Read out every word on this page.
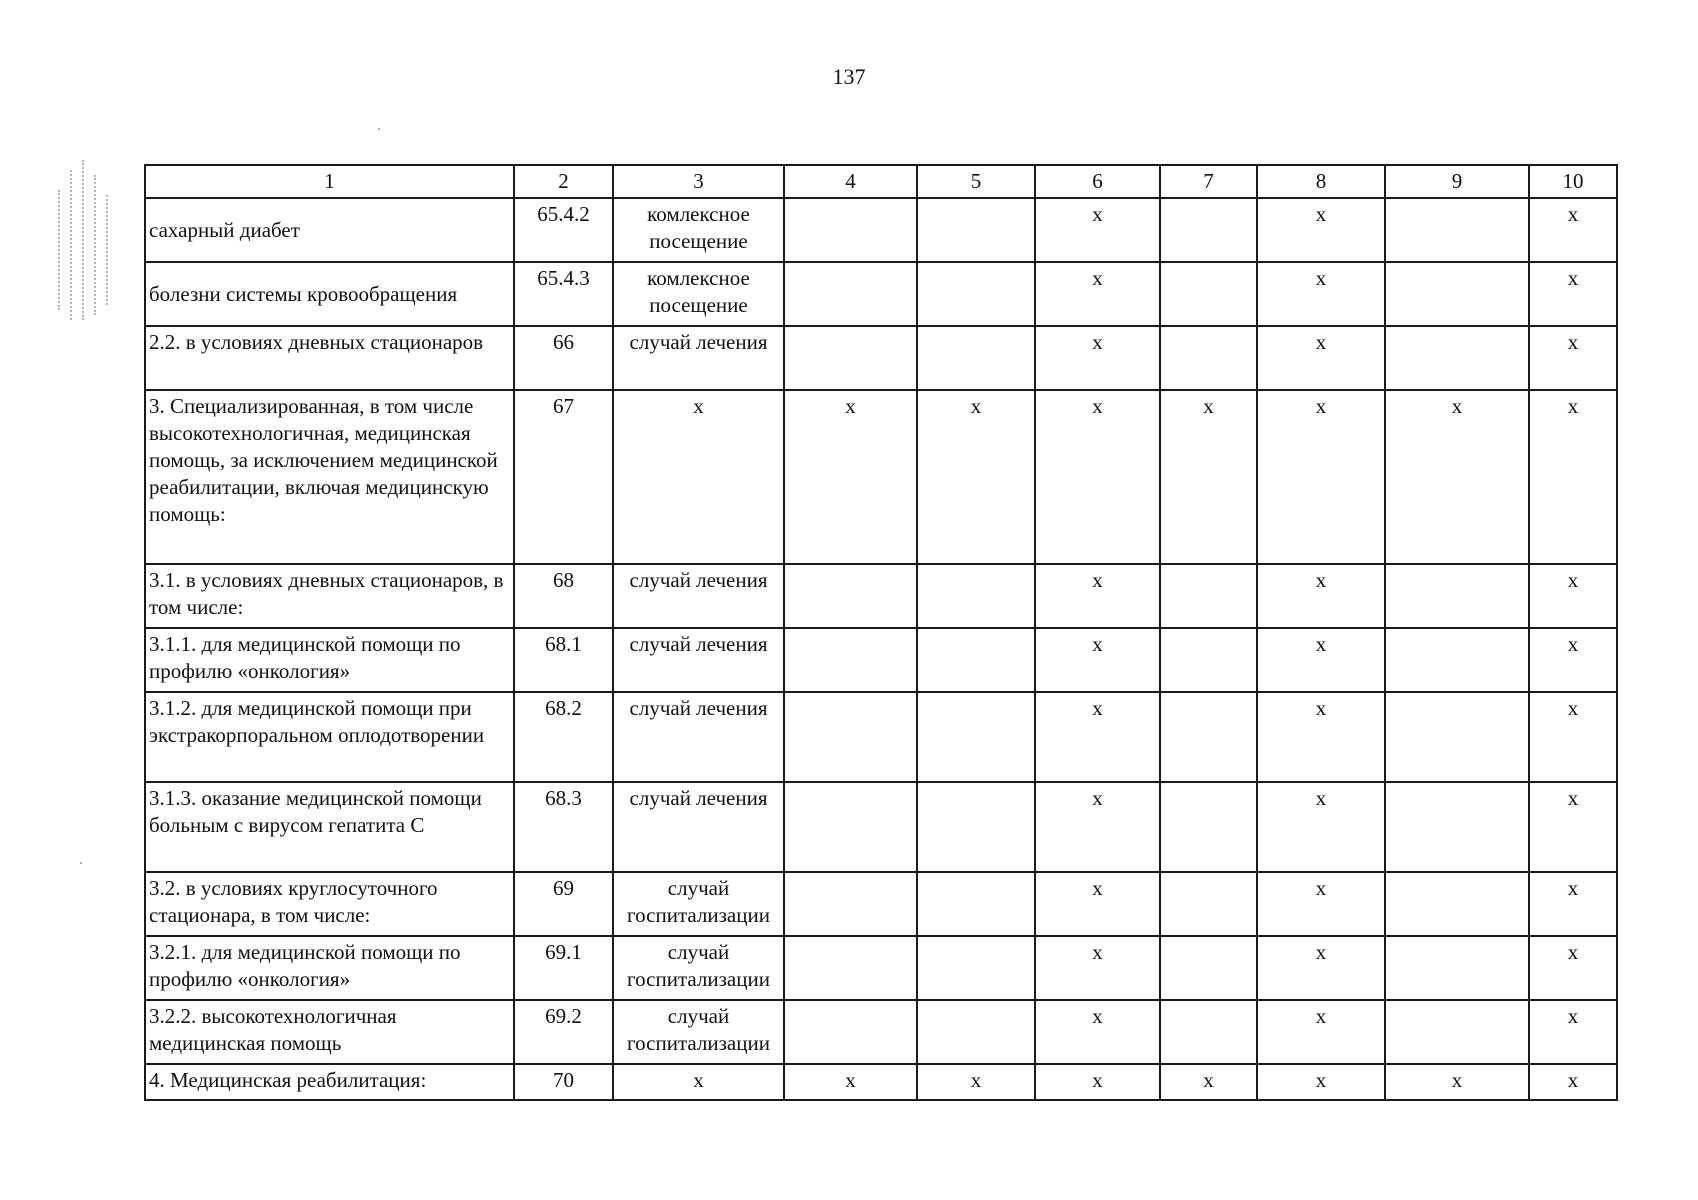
137
1	2	3	4	5	6	7	8	9	10
сахарный диабет	65.4.2	комлексное посещение			х		х		х
болезни системы кровообращения	65.4.3	комлексное посещение			х		х		х
2.2. в условиях дневных стационаров	66	случай лечения			х		х		х
3. Специализированная, в том числе высокотехнологичная, медицинская помощь, за исключением медицинской реабилитации, включая медицинскую помощь:	67	х	х	х	х	х	х	х	х
3.1. в условиях дневных стационаров, в том числе:	68	случай лечения			х		х		х
3.1.1. для медицинской помощи по профилю «онкология»	68.1	случай лечения			х		х		х
3.1.2. для медицинской помощи при экстракорпоральном оплодотворении	68.2	случай лечения			х		х		х
3.1.3. оказание медицинской помощи больным с вирусом гепатита С	68.3	случай лечения			х		х		х
3.2. в условиях круглосуточного стационара, в том числе:	69	случай госпитализации			х		х		х
3.2.1. для медицинской помощи по профилю «онкология»	69.1	случай госпитализации			х		х		х
3.2.2. высокотехнологичная медицинская помощь	69.2	случай госпитализации			х		х		х
4. Медицинская реабилитация:	70	х	х	х	х	х	х	х	х
